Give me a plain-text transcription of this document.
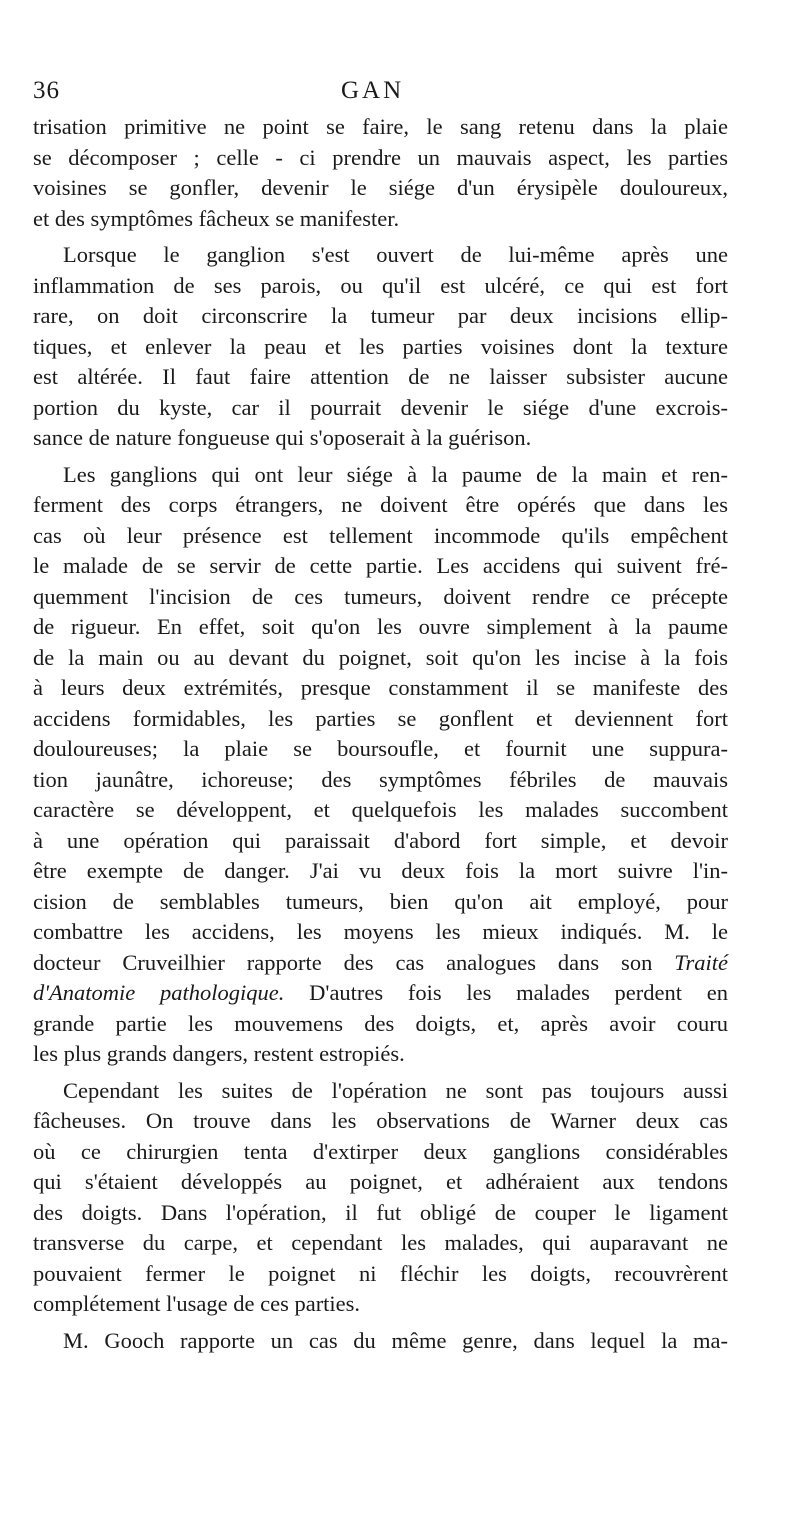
36	GAN
trisation primitive ne point se faire, le sang retenu dans la plaie
se décomposer ; celle - ci prendre un mauvais aspect, les parties
voisines se gonfler, devenir le siége d'un érysipèle douloureux,
et des symptômes fâcheux se manifester.
Lorsque le ganglion s'est ouvert de lui-même après une
inflammation de ses parois, ou qu'il est ulcéré, ce qui est fort
rare, on doit circonscrire la tumeur par deux incisions ellip-
tiques, et enlever la peau et les parties voisines dont la texture
est altérée. Il faut faire attention de ne laisser subsister aucune
portion du kyste, car il pourrait devenir le siége d'une excrois-
sance de nature fongueuse qui s'oposerait à la guérison.
Les ganglions qui ont leur siége à la paume de la main et ren-
ferment des corps étrangers, ne doivent être opérés que dans les
cas où leur présence est tellement incommode qu'ils empêchent
le malade de se servir de cette partie. Les accidens qui suivent fré-
quemment l'incision de ces tumeurs, doivent rendre ce précepte
de rigueur. En effet, soit qu'on les ouvre simplement à la paume
de la main ou au devant du poignet, soit qu'on les incise à la fois
à leurs deux extrémités, presque constamment il se manifeste des
accidens formidables, les parties se gonflent et deviennent fort
douloureuses; la plaie se boursoufle, et fournit une suppura-
tion jaunâtre, ichoreuse; des symptômes fébriles de mauvais
caractère se développent, et quelquefois les malades succombent
à une opération qui paraissait d'abord fort simple, et devoir
être exempte de danger. J'ai vu deux fois la mort suivre l'in-
cision de semblables tumeurs, bien qu'on ait employé, pour
combattre les accidens, les moyens les mieux indiqués. M. le
docteur Cruveilhier rapporte des cas analogues dans son Traité
d'Anatomie pathologique. D'autres fois les malades perdent en
grande partie les mouvemens des doigts, et, après avoir couru
les plus grands dangers, restent estropiés.
Cependant les suites de l'opération ne sont pas toujours aussi
fâcheuses. On trouve dans les observations de Warner deux cas
où ce chirurgien tenta d'extirper deux ganglions considérables
qui s'étaient développés au poignet, et adhéraient aux tendons
des doigts. Dans l'opération, il fut obligé de couper le ligament
transverse du carpe, et cependant les malades, qui auparavant ne
pouvaient fermer le poignet ni fléchir les doigts, recouvrèrent
complétement l'usage de ces parties.
M. Gooch rapporte un cas du même genre, dans lequel la ma-
